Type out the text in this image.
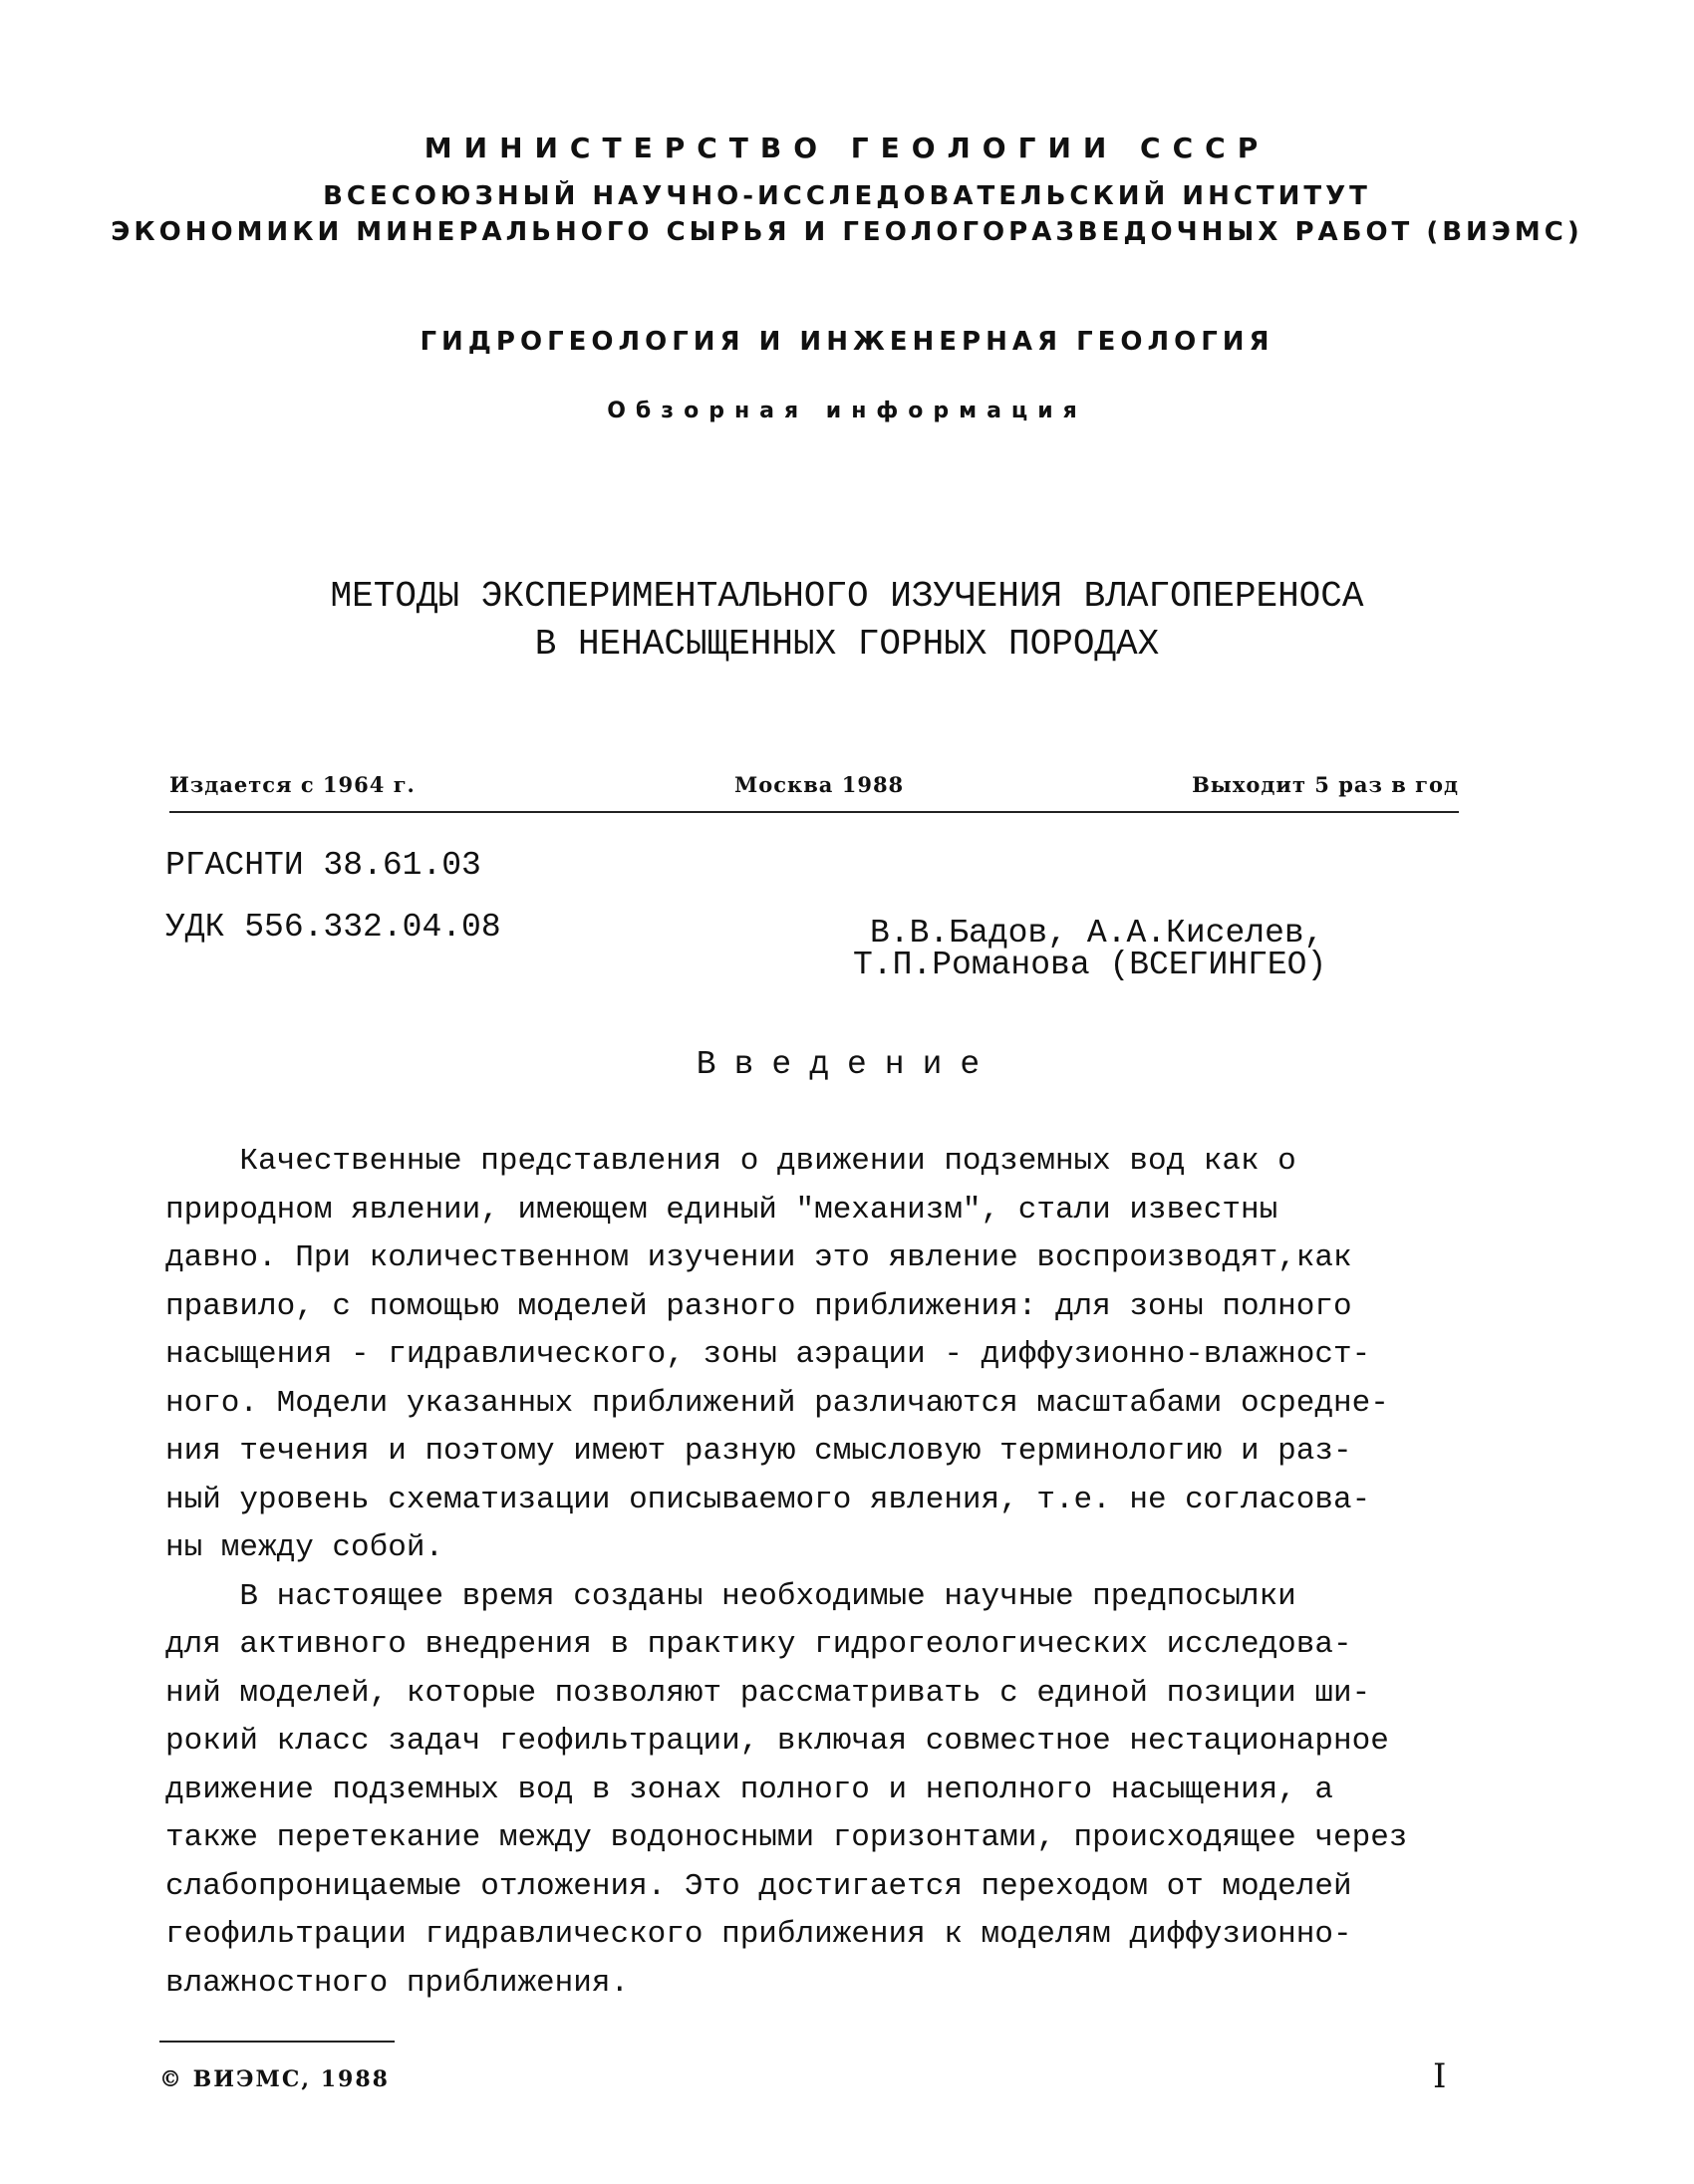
МИНИСТЕРСТВО ГЕОЛОГИИ СССР
ВСЕСОЮЗНЫЙ НАУЧНО-ИССЛЕДОВАТЕЛЬСКИЙ ИНСТИТУТ
ЭКОНОМИКИ МИНЕРАЛЬНОГО СЫРЬЯ И ГЕОЛОГОРАЗВЕДОЧНЫХ РАБОТ (ВИЭМС)
ГИДРОГЕОЛОГИЯ И ИНЖЕНЕРНАЯ ГЕОЛОГИЯ
Обзорная информация
МЕТОДЫ ЭКСПЕРИМЕНТАЛЬНОГО ИЗУЧЕНИЯ ВЛАГОПЕРЕНОСА
В НЕНАСЫЩЕННЫХ ГОРНЫХ ПОРОДАХ
Издается с 1964 г.	Москва 1988	Выходит 5 раз в год
РГАСНТИ 38.61.03
УДК 556.332.04.08	В.В.Бадов, А.А.Киселев,
Т.П.Романова (ВСЕГИНГЕО)
Введение
Качественные представления о движении подземных вод как о
природном явлении, имеющем единый "механизм", стали известны
давно. При количественном изучении это явление воспроизводят,как
правило, с помощью моделей разного приближения: для зоны полного
насыщения - гидравлического, зоны аэрации - диффузионно-влажност-
ного. Модели указанных приближений различаются масштабами осредне-
ния течения и поэтому имеют разную смысловую терминологию и раз-
ный уровень схематизации описываемого явления, т.е. не согласова-
ны между собой.
В настоящее время созданы необходимые научные предпосылки
для активного внедрения в практику гидрогеологических исследова-
ний моделей, которые позволяют рассматривать с единой позиции ши-
рокий класс задач геофильтрации, включая совместное нестационарное
движение подземных вод в зонах полного и неполного насыщения, а
также перетекание между водоносными горизонтами, происходящее через
слабопроницаемые отложения. Это достигается переходом от моделей
геофильтрации гидравлического приближения к моделям диффузионно-
влажностного приближения.
© ВИЭМС, 1988	I
